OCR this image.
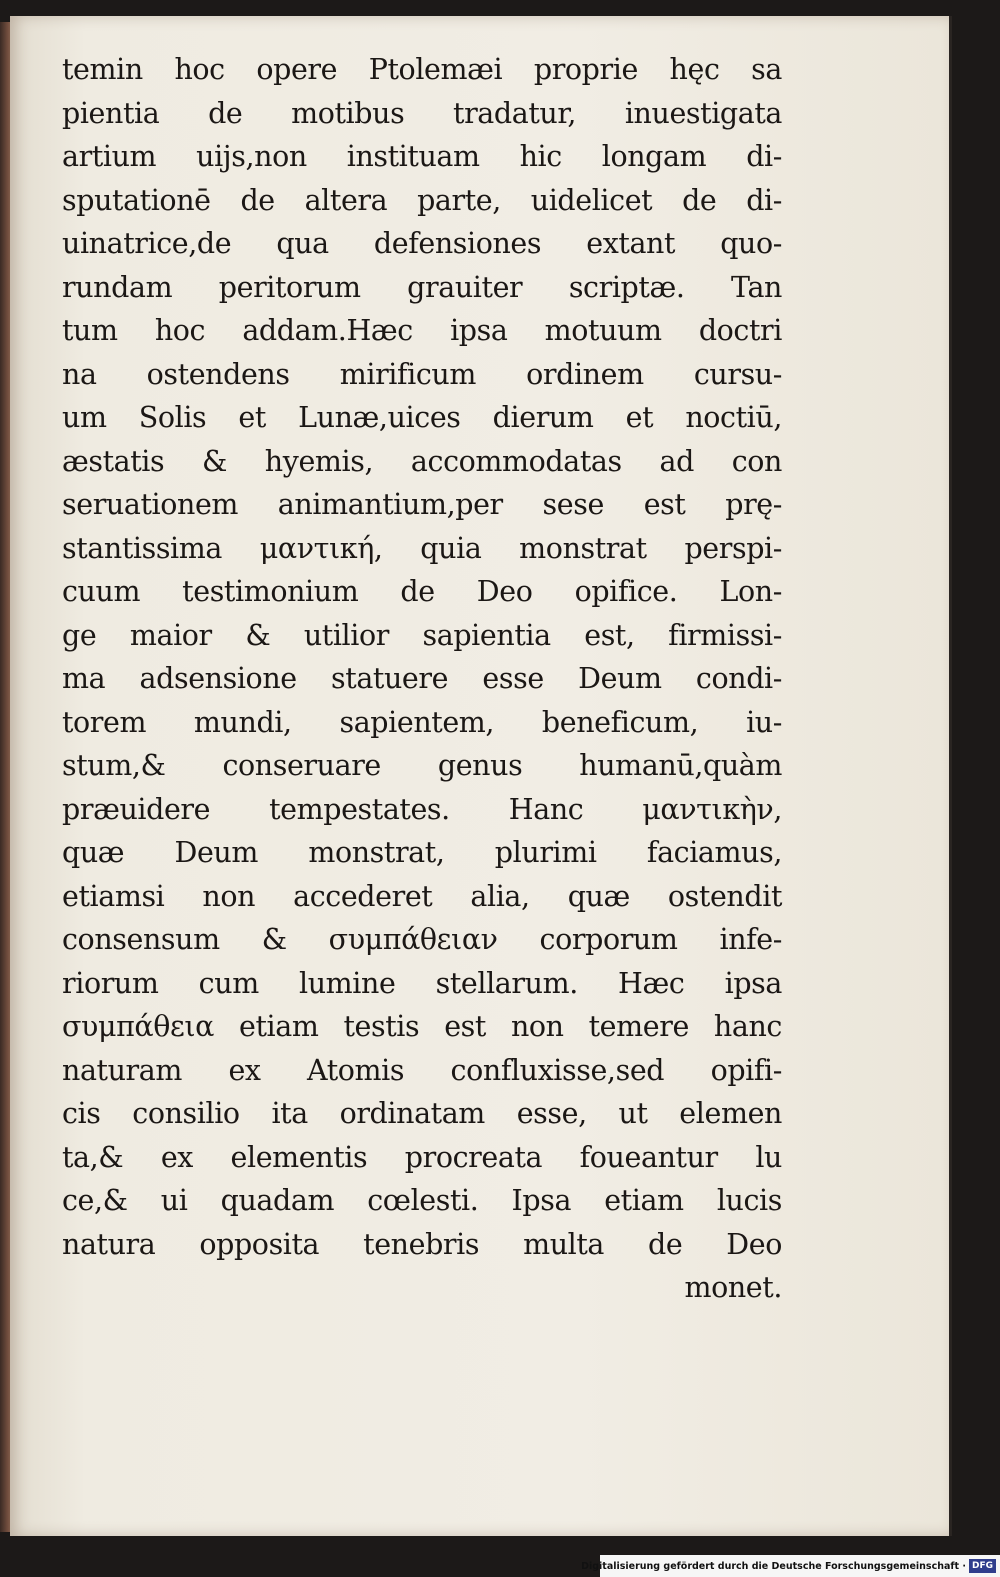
temin hoc opere Ptolemæi proprie hęc sa
pientia de motibus tradatur, inuestigata
artium uijs,non instituam hic longam di-
sputationē de altera parte, uidelicet de di-
uinatrice,de qua defensiones extant quo-
rundam peritorum grauiter scriptæ. Tan
tum hoc addam.Hæc ipsa motuum doctri
na ostendens mirificum ordinem cursu-
um Solis et Lunæ,uices dierum et noctiū,
æstatis & hyemis, accommodatas ad con
seruationem animantium,per sese est prę-
stantissima μαντική, quia monstrat perspi-
cuum testimonium de Deo opifice. Lon-
ge maior & utilior sapientia est, firmissi-
ma adsensione statuere esse Deum condi-
torem mundi, sapientem, beneficum, iu-
stum,& conseruare genus humanū,quàm
præuidere tempestates. Hanc μαντικὴν,
quæ Deum monstrat, plurimi faciamus,
etiamsi non accederet alia, quæ ostendit
consensum & συμπάθειαν corporum infe-
riorum cum lumine stellarum. Hæc ipsa
συμπάθεια etiam testis est non temere hanc
naturam ex Atomis confluxisse,sed opifi-
cis consilio ita ordinatam esse, ut elemen
ta,& ex elementis procreata foueantur lu
ce,& ui quadam cœlesti. Ipsa etiam lucis
natura opposita tenebris multa de Deo
monet.
Digitalisierung gefördert durch die Deutsche Forschungsgemeinschaft · DFG
